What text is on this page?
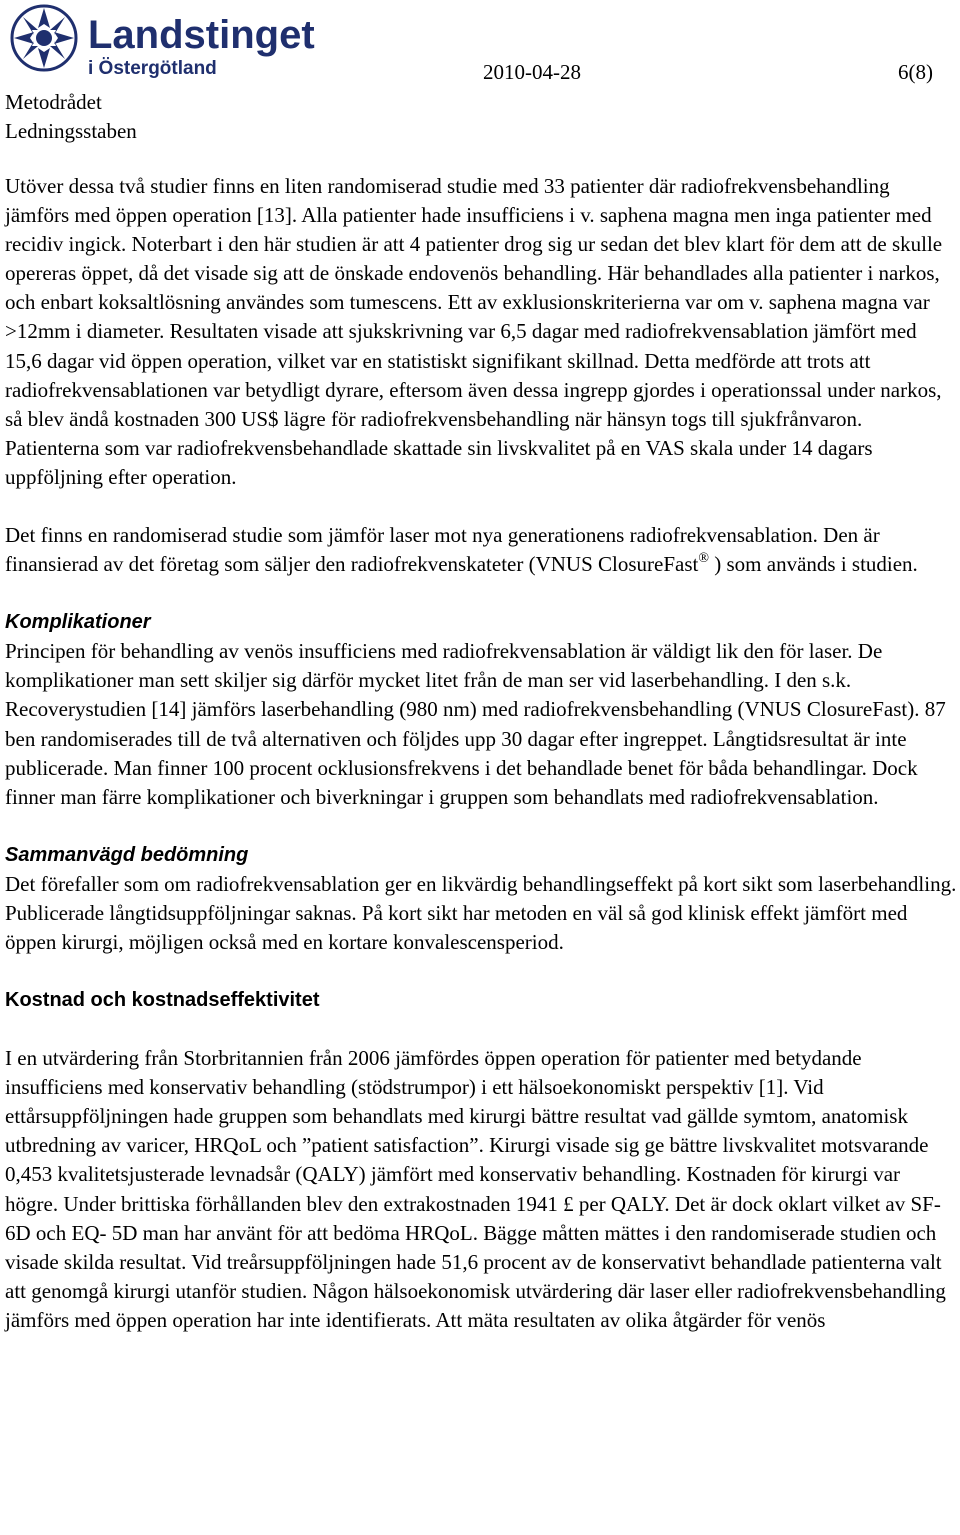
Landstinget
i Östergötland
Metodrådet
Ledningsstaben
2010-04-28	6(8)

Utöver dessa två studier finns en liten randomiserad studie med 33 patienter där radiofrekvensbehandling jämförs med öppen operation [13]. Alla patienter hade insufficiens i v. saphena magna men inga patienter med recidiv ingick. Noterbart i den här studien är att 4 patienter drog sig ur sedan det blev klart för dem att de skulle opereras öppet, då det visade sig att de önskade endovenös behandling. Här behandlades alla patienter i narkos, och enbart koksaltlösning användes som tumescens. Ett av exklusionskriterierna var om v. saphena magna var >12mm i diameter. Resultaten visade att sjukskrivning var 6,5 dagar med radiofrekvensablation jämfört med 15,6 dagar vid öppen operation, vilket var en statistiskt signifikant skillnad. Detta medförde att trots att radiofrekvensablationen var betydligt dyrare, eftersom även dessa ingrepp gjordes i operationssal under narkos, så blev ändå kostnaden 300 US$ lägre för radiofrekvensbehandling när hänsyn togs till sjukfrånvaron. Patienterna som var radiofrekvensbehandlade skattade sin livskvalitet på en VAS skala under 14 dagars uppföljning efter operation.

Det finns en randomiserad studie som jämför laser mot nya generationens radiofrekvensablation. Den är finansierad av det företag som säljer den radiofrekvenskateter (VNUS ClosureFast® ) som används i studien.

Komplikationer

Principen för behandling av venös insufficiens med radiofrekvensablation är väldigt lik den för laser. De komplikationer man sett skiljer sig därför mycket litet från de man ser vid laserbehandling. I den s.k. Recoverystudien [14] jämförs laserbehandling (980 nm) med radiofrekvensbehandling (VNUS ClosureFast). 87 ben randomiserades till de två alternativen och följdes upp 30 dagar efter ingreppet. Långtidsresultat är inte publicerade. Man finner 100 procent ocklusionsfrekvens i det behandlade benet för båda behandlingar. Dock finner man färre komplikationer och biverkningar i gruppen som behandlats med radiofrekvensablation.

Sammanvägd bedömning

Det förefaller som om radiofrekvensablation ger en likvärdig behandlingseffekt på kort sikt som laserbehandling. Publicerade långtidsuppföljningar saknas. På kort sikt har metoden en väl så god klinisk effekt jämfört med öppen kirurgi, möjligen också med en kortare konvalescensperiod.

Kostnad och kostnadseffektivitet

I en utvärdering från Storbritannien från 2006 jämfördes öppen operation för patienter med betydande insufficiens med konservativ behandling (stödstrumpor) i ett hälsoekonomiskt perspektiv [1]. Vid ettårsuppföljningen hade gruppen som behandlats med kirurgi bättre resultat vad gällde symtom, anatomisk utbredning av varicer, HRQoL och ”patient satisfaction”. Kirurgi visade sig ge bättre livskvalitet motsvarande 0,453 kvalitetsjusterade levnadsår (QALY) jämfört med konservativ behandling. Kostnaden för kirurgi var högre. Under brittiska förhållanden blev den extrakostnaden 1941 £ per QALY. Det är dock oklart vilket av SF-6D och EQ- 5D man har använt för att bedöma HRQoL. Bägge måtten mättes i den randomiserade studien och visade skilda resultat. Vid treårsuppföljningen hade 51,6 procent av de konservativt behandlade patienterna valt att genomgå kirurgi utanför studien. Någon hälsoekonomisk utvärdering där laser eller radiofrekvensbehandling jämförs med öppen operation har inte identifierats. Att mäta resultaten av olika åtgärder för venös
